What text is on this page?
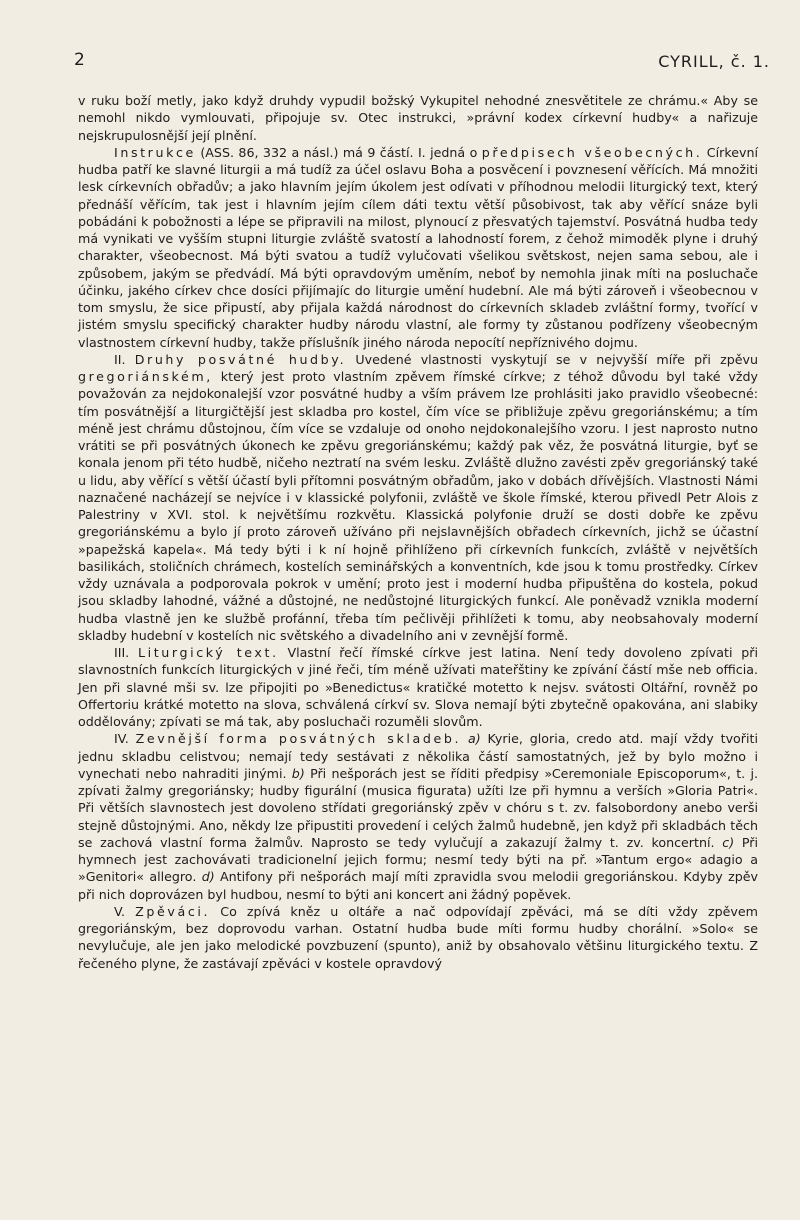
2	CYRILL, č. 1.

v ruku boží metly, jako když druhdy vypudil božský Vykupitel nehodné znesvětitele ze chrámu.« Aby se nemohl nikdo vymlouvati, připojuje sv. Otec instrukci, »právní kodex církevní hudby« a nařizuje nejskrupulosnější její plnění.

Instrukce (ASS. 86, 332 a násl.) má 9 částí. I. jedná o předpisech všeobecných. Církevní hudba patří ke slavné liturgii a má tudíž za účel oslavu Boha a posvěcení i povznesení věřících. Má množiti lesk církevních obřadův; a jako hlavním jejím úkolem jest odívati v příhodnou melodii liturgický text, který přednáší věřícím, tak jest i hlavním jejím cílem dáti textu větší působivost, tak aby věřící snáze byli pobádáni k pobožnosti a lépe se připravili na milost, plynoucí z přesvatých tajemství. Posvátná hudba tedy má vynikati ve vyšším stupni liturgie zvláště svatostí a lahodností forem, z čehož mimoděk plyne i druhý charakter, všeobecnost. Má býti svatou a tudíž vylučovati všelikou světskost, nejen sama sebou, ale i způsobem, jakým se předvádí. Má býti opravdovým uměním, neboť by nemohla jinak míti na posluchače účinku, jakého církev chce dosíci přijímajíc do liturgie umění hudební. Ale má býti zároveň i všeobecnou v tom smyslu, že sice připustí, aby přijala každá národnost do církevních skladeb zvláštní formy, tvořící v jistém smyslu specifický charakter hudby národu vlastní, ale formy ty zůstanou podřízeny všeobecným vlastnostem církevní hudby, takže příslušník jiného národa nepocítí nepříznivého dojmu.

II. Druhy posvátné hudby. Uvedené vlastnosti vyskytují se v nejvyšší míře při zpěvu gregoriánském, který jest proto vlastním zpěvem římské církve; z téhož důvodu byl také vždy považován za nejdokonalejší vzor posvátné hudby a vším právem lze prohlásiti jako pravidlo všeobecné: tím posvátnější a liturgičtější jest skladba pro kostel, čím více se přibližuje zpěvu gregoriánskému; a tím méně jest chrámu důstojnou, čím více se vzdaluje od onoho nejdokonalejšího vzoru. I jest naprosto nutno vrátiti se při posvátných úkonech ke zpěvu gregoriánskému; každý pak věz, že posvátná liturgie, byť se konala jenom při této hudbě, ničeho neztratí na svém lesku. Zvláště dlužno zavésti zpěv gregoriánský také u lidu, aby věřící s větší účastí byli přítomni posvátným obřadům, jako v dobách dřívějších. Vlastnosti Námi naznačené nacházejí se nejvíce i v klassické polyfonii, zvláště ve škole římské, kterou přivedl Petr Alois z Palestriny v XVI. stol. k největšímu rozkvětu. Klassická polyfonie druží se dosti dobře ke zpěvu gregoriánskému a bylo jí proto zároveň užíváno při nejslavnějších obřadech církevních, jichž se účastní »papežská kapela«. Má tedy býti i k ní hojně přihlíženo při církevních funkcích, zvláště v největších basilikách, stoličních chrámech, kostelích seminářských a konventních, kde jsou k tomu prostředky. Církev vždy uznávala a podporovala pokrok v umění; proto jest i moderní hudba připuštěna do kostela, pokud jsou skladby lahodné, vážné a důstojné, ne nedůstojné liturgických funkcí. Ale poněvadž vznikla moderní hudba vlastně jen ke službě profánní, třeba tím pečlivěji přihlížeti k tomu, aby neobsahovaly moderní skladby hudební v kostelích nic světského a divadelního ani v zevnější formě.

III. Liturgický text. Vlastní řečí římské církve jest latina. Není tedy dovoleno zpívati při slavnostních funkcích liturgických v jiné řeči, tím méně užívati mateřštiny ke zpívání částí mše neb officia. Jen při slavné mši sv. lze připojiti po »Benedictus« kratičké motetto k nejsv. svátosti Oltářní, rovněž po Offertoriu krátké motetto na slova, schválená církví sv. Slova nemají býti zbytečně opakována, ani slabiky oddělovány; zpívati se má tak, aby posluchači rozuměli slovům.

IV. Zevnější forma posvátných skladeb. a) Kyrie, gloria, credo atd. mají vždy tvořiti jednu skladbu celistvou; nemají tedy sestávati z několika částí samostatných, jež by bylo možno i vynechati nebo nahraditi jinými. b) Při nešporách jest se říditi předpisy »Ceremoniale Episcoporum«, t. j. zpívati žalmy gregoriánsky; hudby figurální (musica figurata) užíti lze při hymnu a verších »Gloria Patri«. Při větších slavnostech jest dovoleno střídati gregoriánský zpěv v chóru s t. zv. falsobordony anebo verši stejně důstojnými. Ano, někdy lze připustiti provedení i celých žalmů hudebně, jen když při skladbách těch se zachová vlastní forma žalmův. Naprosto se tedy vylučují a zakazují žalmy t. zv. koncertní. c) Při hymnech jest zachovávati tradicionelní jejich formu; nesmí tedy býti na př. »Tantum ergo« adagio a »Genitori« allegro. d) Antifony při nešporách mají míti zpravidla svou melodii gregoriánskou. Kdyby zpěv při nich doprovázen byl hudbou, nesmí to býti ani koncert ani žádný popěvek.

V. Zpěváci. Co zpívá kněz u oltáře a nač odpovídají zpěváci, má se díti vždy zpěvem gregoriánským, bez doprovodu varhan. Ostatní hudba bude míti formu hudby chorální. »Solo« se nevylučuje, ale jen jako melodické povzbuzení (spunto), aniž by obsahovalo většinu liturgického textu. Z řečeného plyne, že zastávají zpěváci v kostele opravdový
